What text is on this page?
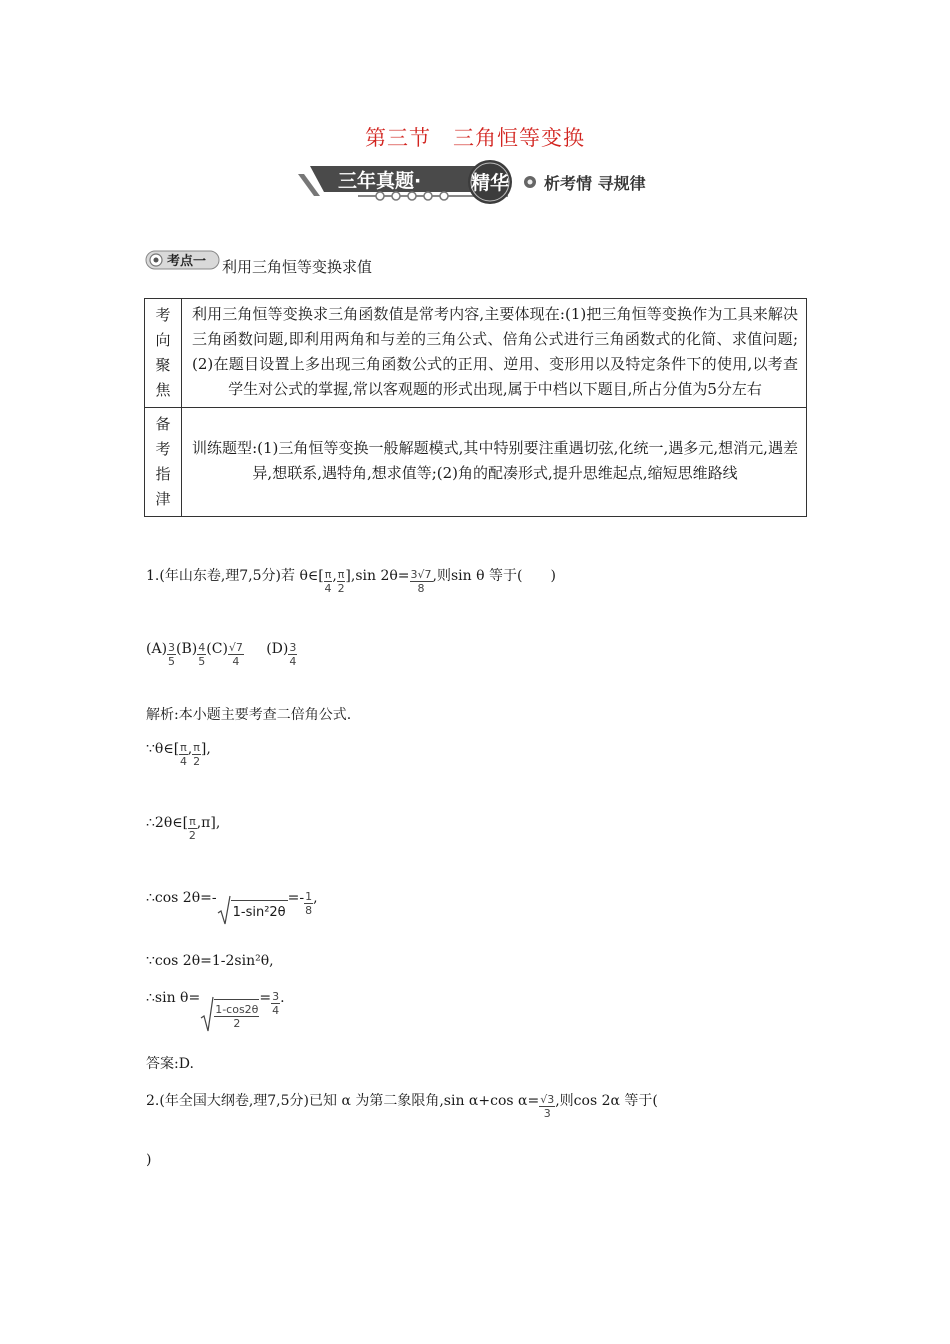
第三节　三角恒等变换
三年真题·	精华 析考情 寻规律
考点一 利用三角恒等变换求值
考
向
聚
焦	利用三角恒等变换求三角函数值是常考内容,主要体现在:(1)把三角恒等变换作为工具来解决三角函数问题,即利用两角和与差的三角公式、倍角公式进行三角函数式的化简、求值问题;(2)在题目设置上多出现三角函数公式的正用、逆用、变形用以及特定条件下的使用,以考查学生对公式的掌握,常以客观题的形式出现,属于中档以下题目,所占分值为5分左右

备
考
指
津	训练题型:(1)三角恒等变换一般解题模式,其中特别要注重遇切弦,化统一,遇多元,想消元,遇差异,想联系,遇特角,想求值等;(2)角的配凑形式,提升思维起点,缩短思维路线
1.(年山东卷,理7,5分)若 θ∈[ $\frac{\pi}{4}$ , $\frac{\pi}{2} ],\sin$ $2\theta= \frac{3√7}{8}$ ,则sin θ 等于(　　)
$(A) \frac{3}{5} (B) \frac{4}{5} (C) \frac{√7}{4} (D) \frac{3}{4}$
解析:本小题主要考查二倍角公式.
∵θ∈[ $\frac{\pi}{4}$ , $\frac{\pi}{2}$ ],
∴2θ∈[ $\frac{\pi}{2} ,\pi$],
∴cos $2\theta=-1-\sin^22\theta=- \frac{1}{8}$ ,
∵cos 2θ=1-2sin²θ,
∴sin θ=
$\frac{1-\cos 2\theta}{2}$
= $\frac{3}{4}$ .
答案:D.
2.(年全国大纲卷,理7,5分)已知 α 为第二象限角,sin α+cos $\alpha= \frac{√3}{3}$ ,则cos 2α 等于(
)
